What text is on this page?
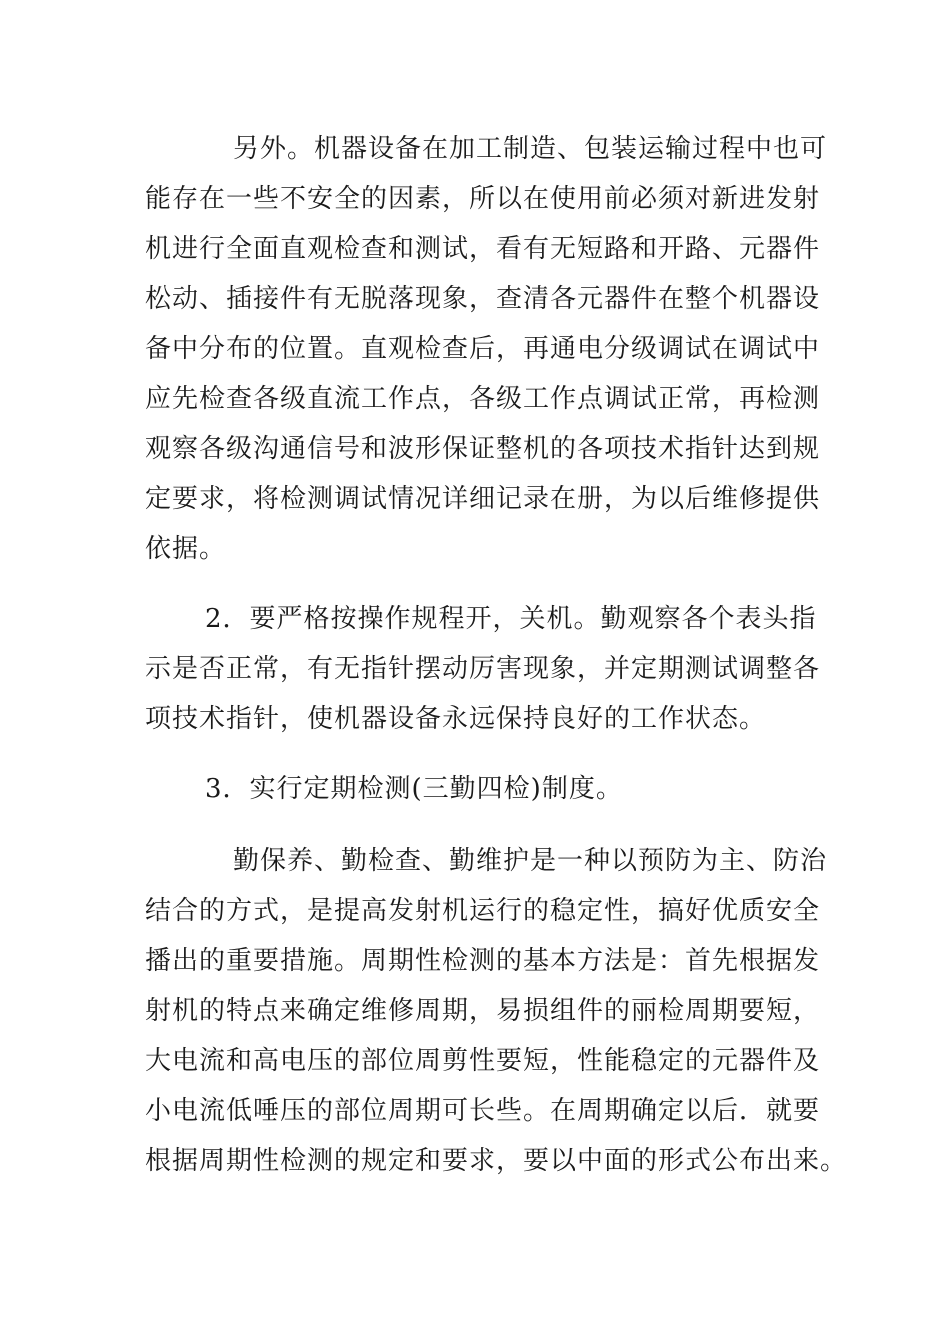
另外。机器设备在加工制造、包装运输过程中也可
能存在一些不安全的因素，所以在使用前必须对新进发射
机进行全面直观检查和测试，看有无短路和开路、元器件
松动、插接件有无脱落现象，查清各元器件在整个机器设
备中分布的位置。直观检查后，再通电分级调试在调试中
应先检查各级直流工作点，各级工作点调试正常，再检测
观察各级沟通信号和波形保证整机的各项技术指针达到规
定要求，将检测调试情况详细记录在册，为以后维修提供
依据。
2．要严格按操作规程开，关机。勤观察各个表头指
示是否正常，有无指针摆动厉害现象，并定期测试调整各
项技术指针，使机器设备永远保持良好的工作状态。
3．实行定期检测(三勤四检)制度。
勤保养、勤检查、勤维护是一种以预防为主、防治
结合的方式，是提高发射机运行的稳定性，搞好优质安全
播出的重要措施。周期性检测的基本方法是：首先根据发
射机的特点来确定维修周期，易损组件的丽检周期要短，
大电流和高电压的部位周剪性要短，性能稳定的元器件及
小电流低唾压的部位周期可长些。在周期确定以后．就要
根据周期性检测的规定和要求，要以中面的形式公布出来。
